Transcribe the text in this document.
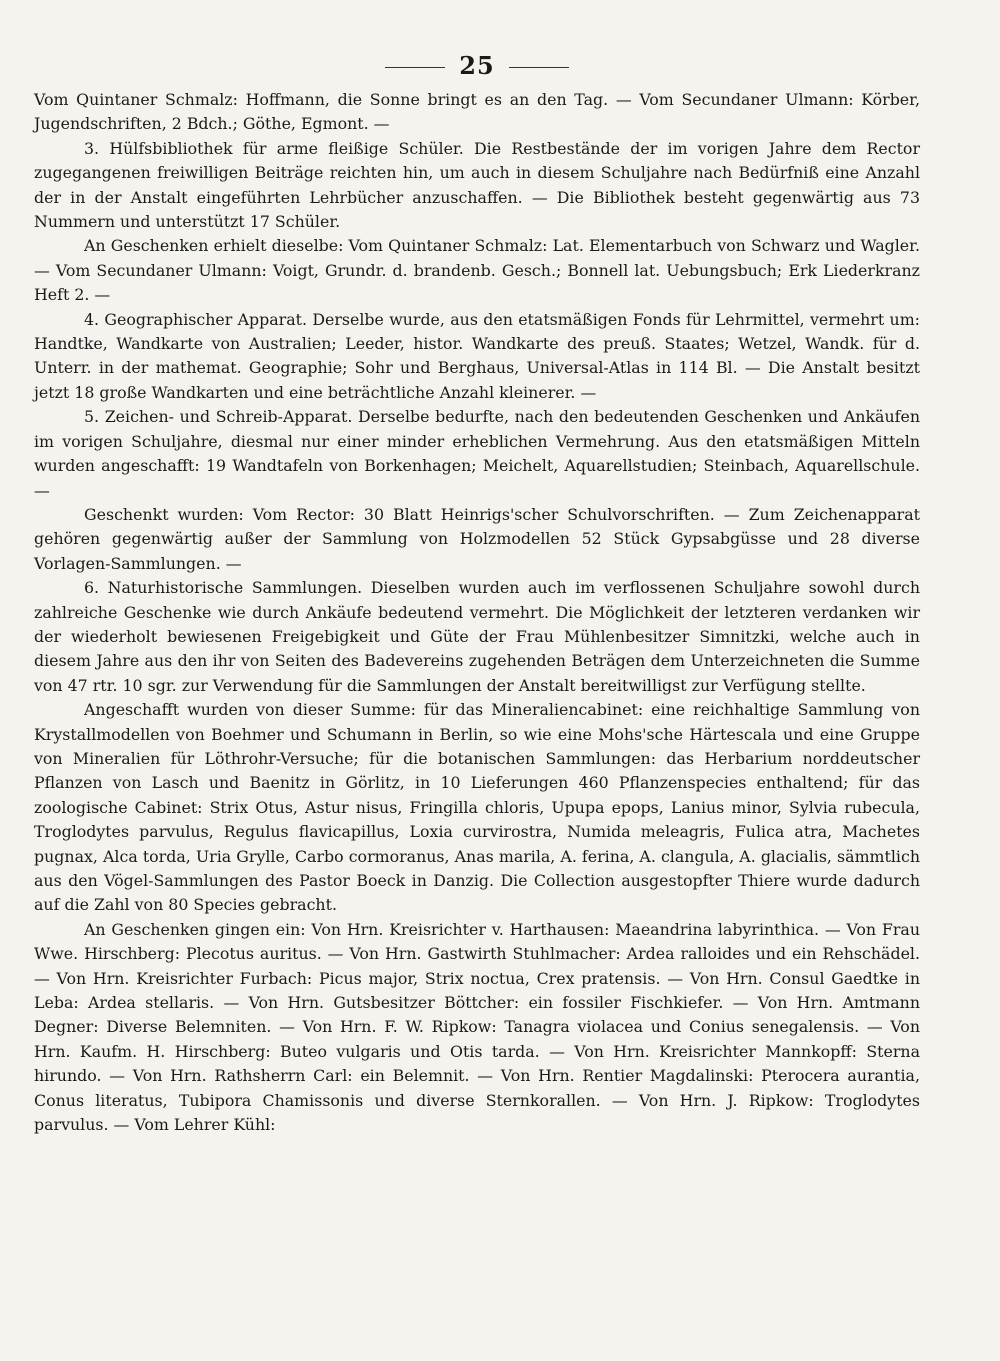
25

Vom Quintaner Schmalz: Hoffmann, die Sonne bringt es an den Tag. — Vom Secundaner Ulmann: Körber, Jugendschriften, 2 Bdch.; Göthe, Egmont. —

3. Hülfsbibliothek für arme fleißige Schüler. Die Restbestände der im vorigen Jahre dem Rector zugegangenen freiwilligen Beiträge reichten hin, um auch in diesem Schuljahre nach Bedürfniß eine Anzahl der in der Anstalt eingeführten Lehrbücher anzuschaffen. — Die Bibliothek besteht gegenwärtig aus 73 Nummern und unterstützt 17 Schüler.

An Geschenken erhielt dieselbe: Vom Quintaner Schmalz: Lat. Elementarbuch von Schwarz und Wagler. — Vom Secundaner Ulmann: Voigt, Grundr. d. brandenb. Gesch.; Bonnell lat. Uebungsbuch; Erk Liederkranz Heft 2. —

4. Geographischer Apparat. Derselbe wurde, aus den etatsmäßigen Fonds für Lehrmittel, vermehrt um: Handtke, Wandkarte von Australien; Leeder, histor. Wandkarte des preuß. Staates; Wetzel, Wandk. für d. Unterr. in der mathemat. Geographie; Sohr und Berghaus, Universal-Atlas in 114 Bl. — Die Anstalt besitzt jetzt 18 große Wandkarten und eine beträchtliche Anzahl kleinerer. —

5. Zeichen- und Schreib-Apparat. Derselbe bedurfte, nach den bedeutenden Geschenken und Ankäufen im vorigen Schuljahre, diesmal nur einer minder erheblichen Vermehrung. Aus den etatsmäßigen Mitteln wurden angeschafft: 19 Wandtafeln von Borkenhagen; Meichelt, Aquarellstudien; Steinbach, Aquarellschule. —

Geschenkt wurden: Vom Rector: 30 Blatt Heinrigs'scher Schulvorschriften. — Zum Zeichenapparat gehören gegenwärtig außer der Sammlung von Holzmodellen 52 Stück Gypsabgüsse und 28 diverse Vorlagen-Sammlungen. —

6. Naturhistorische Sammlungen. Dieselben wurden auch im verflossenen Schuljahre sowohl durch zahlreiche Geschenke wie durch Ankäufe bedeutend vermehrt. Die Möglichkeit der letzteren verdanken wir der wiederholt bewiesenen Freigebigkeit und Güte der Frau Mühlenbesitzer Simnitzki, welche auch in diesem Jahre aus den ihr von Seiten des Badevereins zugehenden Beträgen dem Unterzeichneten die Summe von 47 rtr. 10 sgr. zur Verwendung für die Sammlungen der Anstalt bereitwilligst zur Verfügung stellte.

Angeschafft wurden von dieser Summe: für das Mineraliencabinet: eine reichhaltige Sammlung von Krystallmodellen von Boehmer und Schumann in Berlin, so wie eine Mohs'sche Härtescala und eine Gruppe von Mineralien für Löthrohr-Versuche; für die botanischen Sammlungen: das Herbarium norddeutscher Pflanzen von Lasch und Baenitz in Görlitz, in 10 Lieferungen 460 Pflanzenspecies enthaltend; für das zoologische Cabinet: Strix Otus, Astur nisus, Fringilla chloris, Upupa epops, Lanius minor, Sylvia rubecula, Troglodytes parvulus, Regulus flavicapillus, Loxia curvirostra, Numida meleagris, Fulica atra, Machetes pugnax, Alca torda, Uria Grylle, Carbo cormoranus, Anas marila, A. ferina, A. clangula, A. glacialis, sämmtlich aus den Vögel-Sammlungen des Pastor Boeck in Danzig. Die Collection ausgestopfter Thiere wurde dadurch auf die Zahl von 80 Species gebracht.

An Geschenken gingen ein: Von Hrn. Kreisrichter v. Harthausen: Maeandrina labyrinthica. — Von Frau Wwe. Hirschberg: Plecotus auritus. — Von Hrn. Gastwirth Stuhlmacher: Ardea ralloides und ein Rehschädel. — Von Hrn. Kreisrichter Furbach: Picus major, Strix noctua, Crex pratensis. — Von Hrn. Consul Gaedtke in Leba: Ardea stellaris. — Von Hrn. Gutsbesitzer Böttcher: ein fossiler Fischkiefer. — Von Hrn. Amtmann Degner: Diverse Belemniten. — Von Hrn. F. W. Ripkow: Tanagra violacea und Conius senegalensis. — Von Hrn. Kaufm. H. Hirschberg: Buteo vulgaris und Otis tarda. — Von Hrn. Kreisrichter Mannkopff: Sterna hirundo. — Von Hrn. Rathsherrn Carl: ein Belemnit. — Von Hrn. Rentier Magdalinski: Pterocera aurantia, Conus literatus, Tubipora Chamissonis und diverse Sternkorallen. — Von Hrn. J. Ripkow: Troglodytes parvulus. — Vom Lehrer Kühl:
